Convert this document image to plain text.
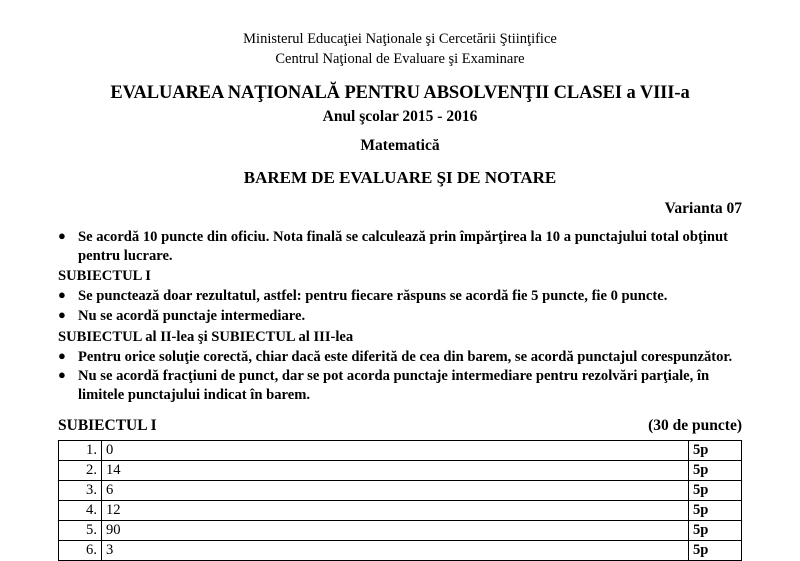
Ministerul Educaţiei Naţionale şi Cercetării Ştiinţifice
Centrul Naţional de Evaluare şi Examinare
EVALUAREA NAŢIONALĂ PENTRU ABSOLVENŢII CLASEI a VIII-a
Anul şcolar 2015 - 2016
Matematică
BAREM DE EVALUARE ŞI DE NOTARE
Varianta 07
● Se acordă 10 puncte din oficiu. Nota finală se calculează prin împărţirea la 10 a punctajului total obţinut pentru lucrare.
SUBIECTUL I
● Se punctează doar rezultatul, astfel: pentru fiecare răspuns se acordă fie 5 puncte, fie 0 puncte.
● Nu se acordă punctaje intermediare.
SUBIECTUL al II-lea şi SUBIECTUL al III-lea
● Pentru orice soluţie corectă, chiar dacă este diferită de cea din barem, se acordă punctajul corespunzător.
● Nu se acordă fracţiuni de punct, dar se pot acorda punctaje intermediare pentru rezolvări parţiale, în limitele punctajului indicat în barem.
SUBIECTUL I	(30 de puncte)
1.	0	5p
2.	14	5p
3.	6	5p
4.	12	5p
5.	90	5p
6.	3	5p
